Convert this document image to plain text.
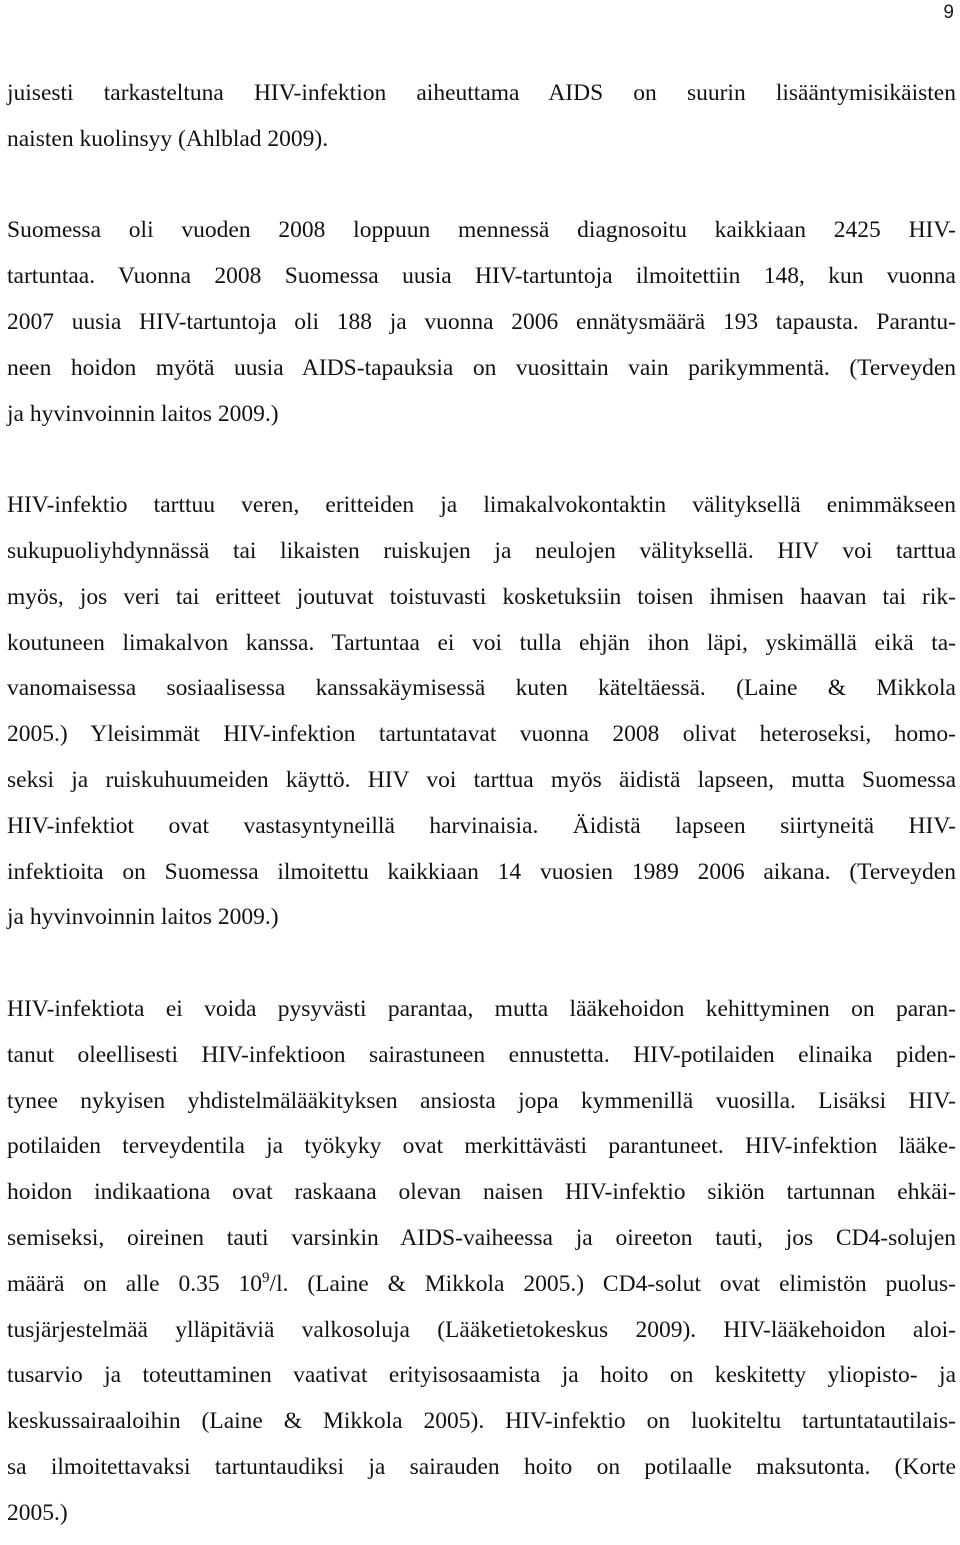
9
juisesti tarkasteltuna HIV-infektion aiheuttama AIDS on suurin lisääntymisikäisten
naisten kuolinsyy (Ahlblad 2009).
Suomessa oli vuoden 2008 loppuun mennessä diagnosoitu kaikkiaan 2425 HIV-
tartuntaa. Vuonna 2008 Suomessa uusia HIV-tartuntoja ilmoitettiin 148, kun vuonna
2007 uusia HIV-tartuntoja oli 188 ja vuonna 2006 ennätysmäärä 193 tapausta. Parantu-
neen hoidon myötä uusia AIDS-tapauksia on vuosittain vain parikymmentä. (Terveyden
ja hyvinvoinnin laitos 2009.)
HIV-infektio tarttuu veren, eritteiden ja limakalvokontaktin välityksellä enimmäkseen
sukupuoliyhdynnässä tai likaisten ruiskujen ja neulojen välityksellä. HIV voi tarttua
myös, jos veri tai eritteet joutuvat toistuvasti kosketuksiin toisen ihmisen haavan tai rik-
koutuneen limakalvon kanssa. Tartuntaa ei voi tulla ehjän ihon läpi, yskimällä eikä ta-
vanomaisessa sosiaalisessa kanssakäymisessä kuten käteltäessä. (Laine & Mikkola
2005.) Yleisimmät HIV-infektion tartuntatavat vuonna 2008 olivat heteroseksi, homo-
seksi ja ruiskuhuumeiden käyttö. HIV voi tarttua myös äidistä lapseen, mutta Suomessa
HIV-infektiot ovat vastasyntyneillä harvinaisia. Äidistä lapseen siirtyneitä HIV-
infektioita on Suomessa ilmoitettu kaikkiaan 14 vuosien 1989 2006 aikana. (Terveyden
ja hyvinvoinnin laitos 2009.)
HIV-infektiota ei voida pysyvästi parantaa, mutta lääkehoidon kehittyminen on paran-
tanut oleellisesti HIV-infektioon sairastuneen ennustetta. HIV-potilaiden elinaika piden-
tynee nykyisen yhdistelmälääkityksen ansiosta jopa kymmenillä vuosilla. Lisäksi HIV-
potilaiden terveydentila ja työkyky ovat merkittävästi parantuneet. HIV-infektion lääke-
hoidon indikaationa ovat raskaana olevan naisen HIV-infektio sikiön tartunnan ehkäi-
semiseksi, oireinen tauti varsinkin AIDS-vaiheessa ja oireeton tauti, jos CD4-solujen
määrä on alle 0.35 $10^9/l$. (Laine & Mikkola 2005.) CD4-solut ovat elimistön puolus-
tusjärjestelmää ylläpitäviä valkosoluja (Lääketietokeskus 2009). HIV-lääkehoidon aloi-
tusarvio ja toteuttaminen vaativat erityisosaamista ja hoito on keskitetty yliopisto- ja
keskussairaaloihin (Laine & Mikkola 2005). HIV-infektio on luokiteltu tartuntatautilais-
sa ilmoitettavaksi tartuntaudiksi ja sairauden hoito on potilaalle maksutonta. (Korte
2005.)
